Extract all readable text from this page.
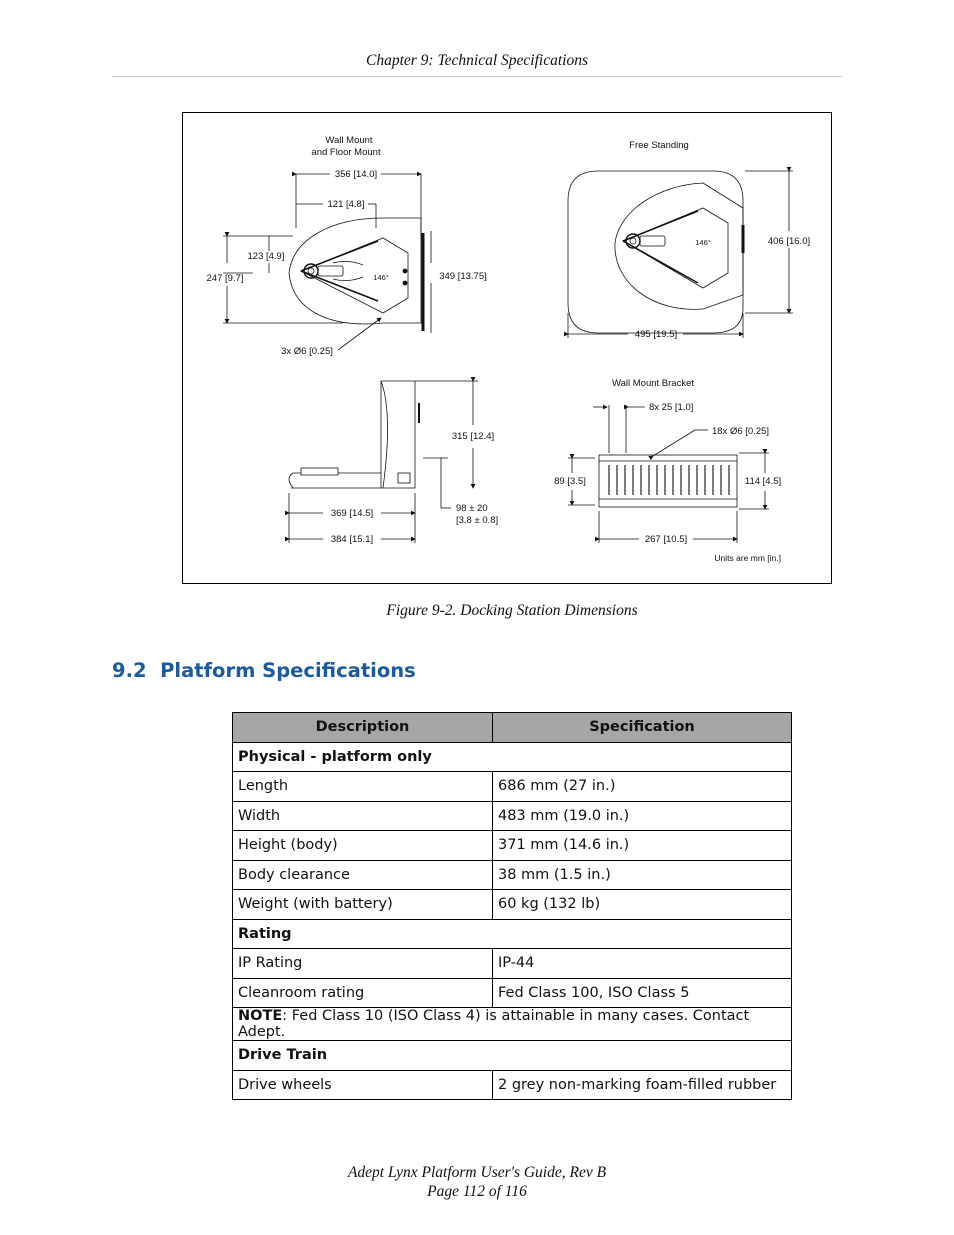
Chapter 9: Technical Specifications
Wall Mount
and Floor Mount
356 [14.0]
121 [4.8]
123 [4.9]
247 [9.7]	349 [13.75]
146°
3x Ø6 [0.25]
Free Standing
406 [16.0]
495 [19.5]
146°
315 [12.4]
369 [14.5]
384 [15.1]
98 ± 20
[3.8 ± 0.8]
Wall Mount Bracket
8x 25 [1.0]
18x Ø6 [0.25]
89 [3.5]	114 [4.5]
267 [10.5]
Units are mm [in.]
Figure 9-2. Docking Station Dimensions
9.2  Platform Specifications
Description	Specification
Physical - platform only	
Length	686 mm (27 in.)
Width	483 mm (19.0 in.)
Height (body)	371 mm (14.6 in.)
Body clearance	38 mm (1.5 in.)
Weight (with battery)	60 kg (132 lb)
Rating	
IP Rating	IP-44
Cleanroom rating	Fed Class 100, ISO Class 5
NOTE: Fed Class 10 (ISO Class 4) is attainable in many cases. Contact Adept.	
Drive Train	
Drive wheels	2 grey non-marking foam-filled rubber
Adept Lynx Platform User's Guide, Rev B
Page 112 of 116
